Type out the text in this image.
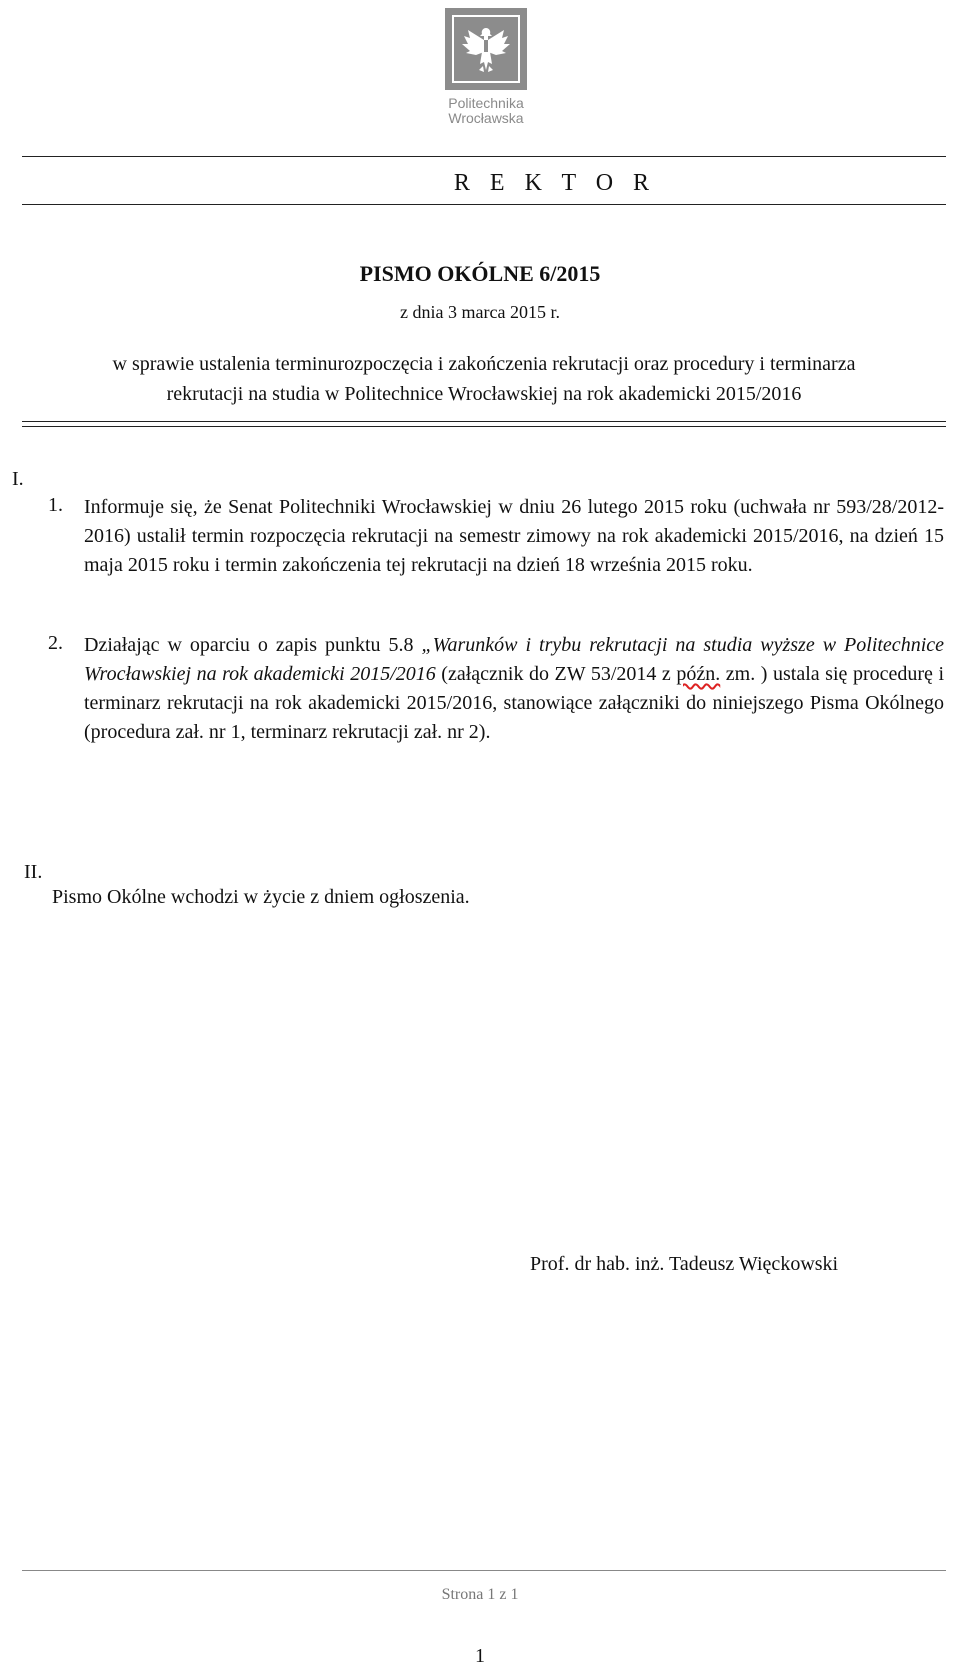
Politechnika
Wrocławska
R E K T O R
PISMO OKÓLNE 6/2015
z dnia 3 marca 2015 r.
w sprawie ustalenia terminurozpoczęcia i zakończenia rekrutacji oraz procedury i terminarza
rekrutacji na studia w Politechnice Wrocławskiej na rok akademicki 2015/2016
I.
1. Informuje się, że Senat Politechniki Wrocławskiej w dniu 26 lutego 2015 roku (uchwała nr 593/28/2012-2016) ustalił termin rozpoczęcia rekrutacji na semestr zimowy na rok akademicki 2015/2016, na dzień 15 maja 2015 roku i termin zakończenia tej rekrutacji na dzień 18 września 2015 roku.
2. Działając w oparciu o zapis punktu 5.8 „Warunków i trybu rekrutacji na studia wyższe w Politechnice Wrocławskiej na rok akademicki 2015/2016 (załącznik do ZW 53/2014 z późn. zm. ) ustala się procedurę i terminarz rekrutacji na rok akademicki 2015/2016, stanowiące załączniki do niniejszego Pisma Okólnego (procedura zał. nr 1, terminarz rekrutacji zał. nr 2).
II.
Pismo Okólne wchodzi w życie z dniem ogłoszenia.
Prof. dr hab. inż. Tadeusz Więckowski
Strona 1 z 1
1
